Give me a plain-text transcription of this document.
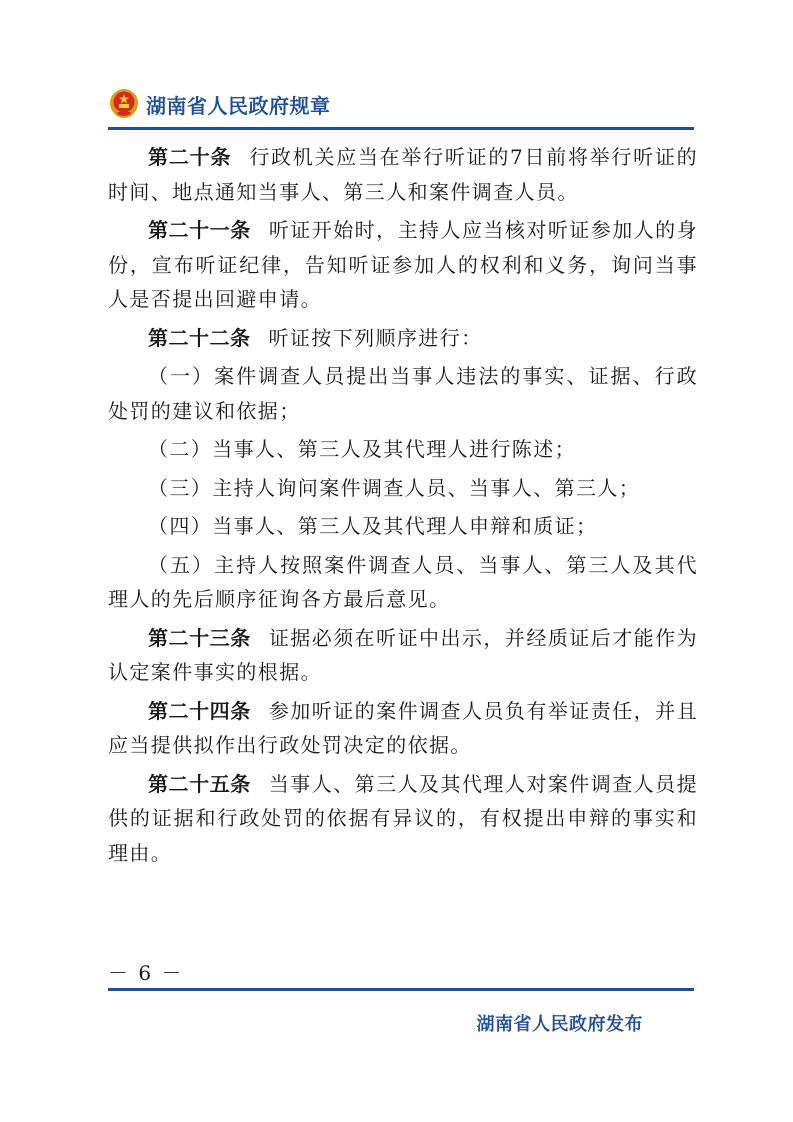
湖南省人民政府规章

第二十条 行政机关应当在举行听证的7日前将举行听证的时间、地点通知当事人、第三人和案件调查人员。

第二十一条 听证开始时，主持人应当核对听证参加人的身份，宣布听证纪律，告知听证参加人的权利和义务，询问当事人是否提出回避申请。

第二十二条 听证按下列顺序进行：

（一）案件调查人员提出当事人违法的事实、证据、行政处罚的建议和依据；

（二）当事人、第三人及其代理人进行陈述；

（三）主持人询问案件调查人员、当事人、第三人；

（四）当事人、第三人及其代理人申辩和质证；

（五）主持人按照案件调查人员、当事人、第三人及其代理人的先后顺序征询各方最后意见。

第二十三条 证据必须在听证中出示，并经质证后才能作为认定案件事实的根据。

第二十四条 参加听证的案件调查人员负有举证责任，并且应当提供拟作出行政处罚决定的依据。

第二十五条 当事人、第三人及其代理人对案件调查人员提供的证据和行政处罚的依据有异议的，有权提出申辩的事实和理由。

－ 6 －
湖南省人民政府发布
